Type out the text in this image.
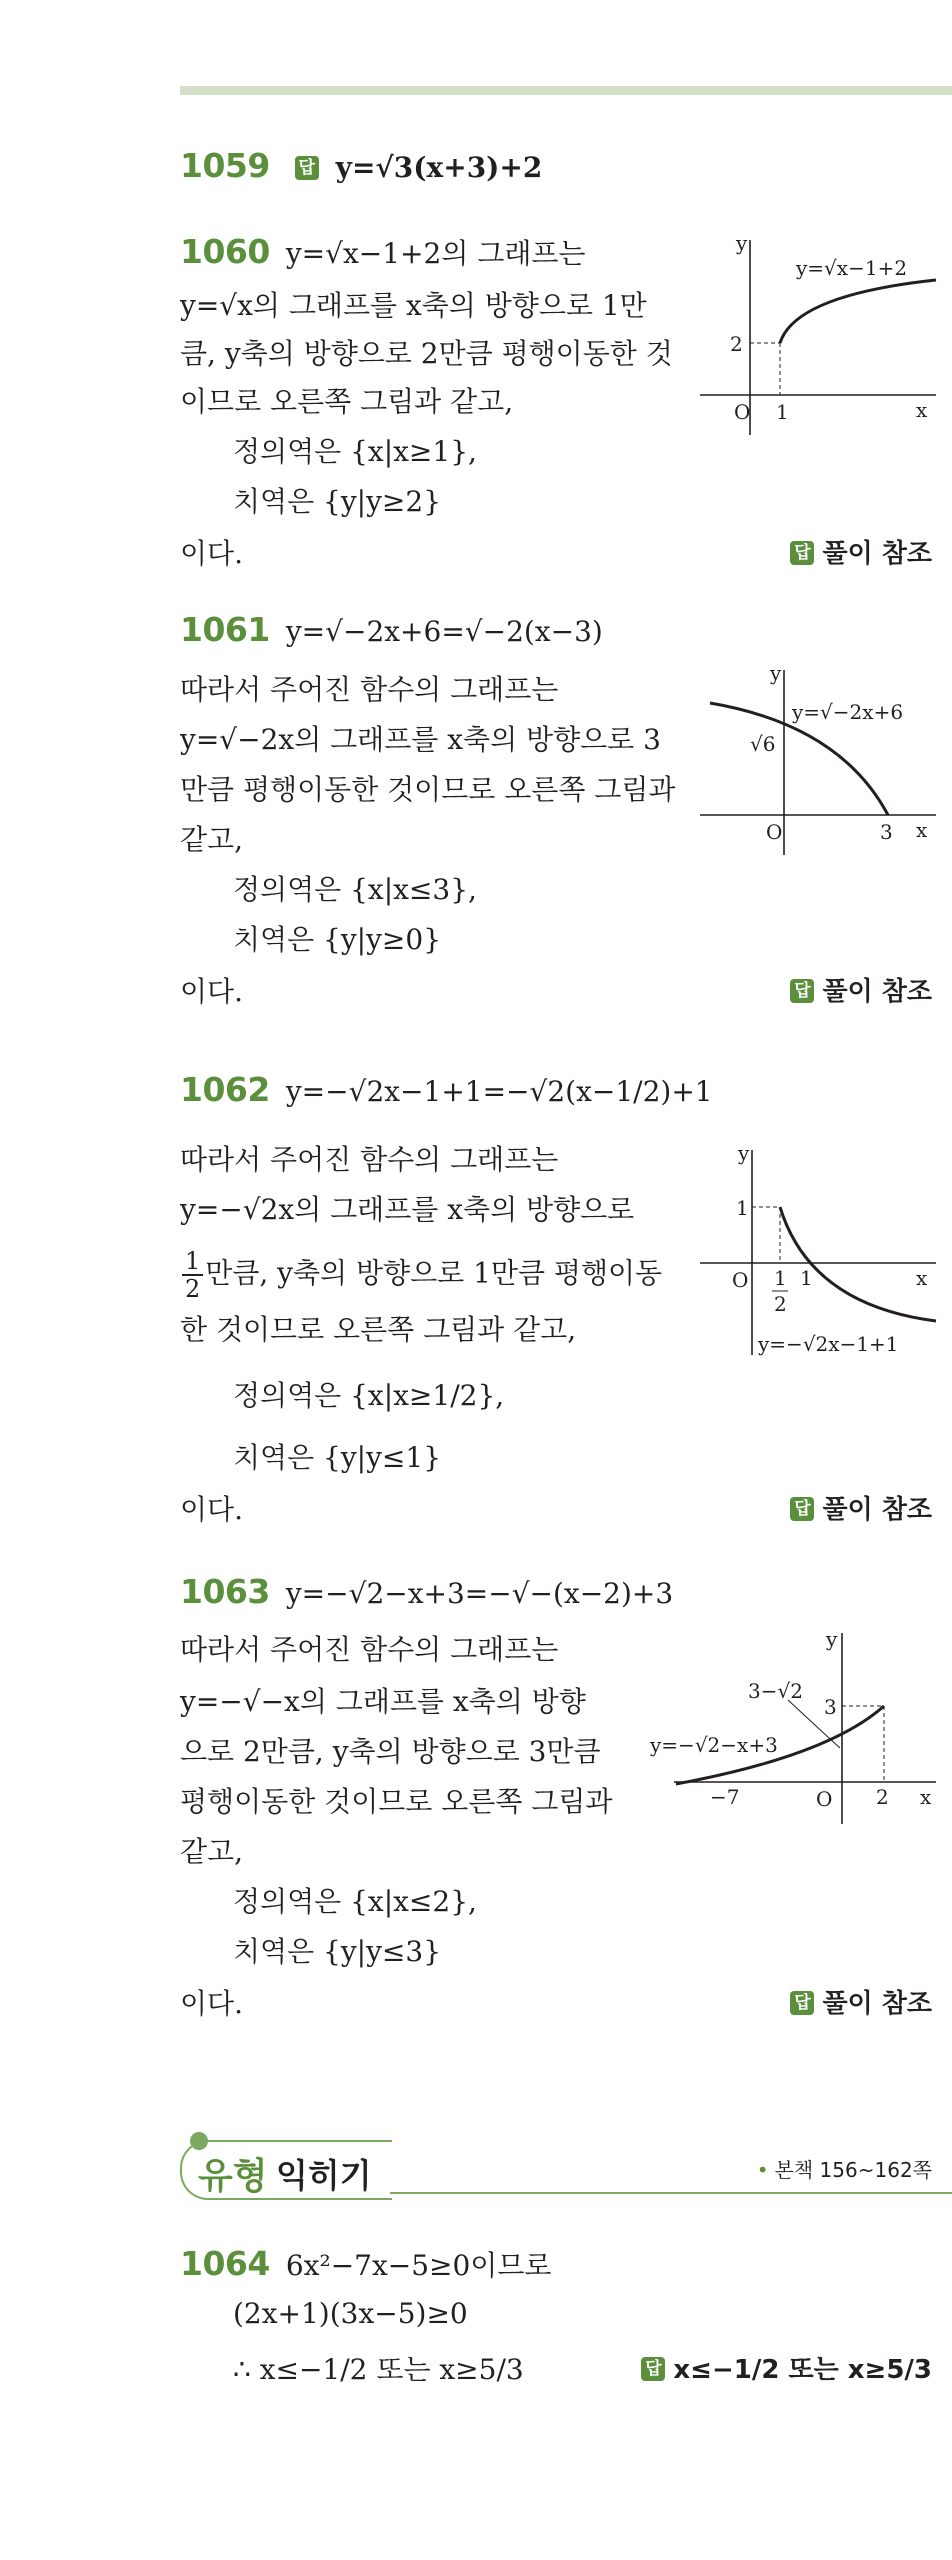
1059 답 y=√3(x+3)+2
1060 y=√x−1+2의 그래프는
y=√x의 그래프를 x축의 방향으로 1만
큼, y축의 방향으로 2만큼 평행이동한 것
이므로 오른쪽 그림과 같고,
정의역은 {x|x≥1},
치역은 {y|y≥2}
이다.	답 풀이 참조
y
x
O
2
1
y=√x−1+2
1061 y=√−2x+6=√−2(x−3)
따라서 주어진 함수의 그래프는
y=√−2x의 그래프를 x축의 방향으로 3
만큼 평행이동한 것이므로 오른쪽 그림과
같고,
정의역은 {x|x≤3},
치역은 {y|y≥0}
이다.	답 풀이 참조
y
x
O
√6
3
y=√−2x+6
1062 y=−√2x−1+1=−√2(x−1/2)+1
따라서 주어진 함수의 그래프는
y=−√2x의 그래프를 x축의 방향으로
$\frac{1}{2}$ 만큼, y축의 방향으로 1만큼 평행이동
한 것이므로 오른쪽 그림과 같고,
정의역은 {x|x≥1/2},
치역은 {y|y≤1}
이다.	답 풀이 참조
y
x
O
1
1
2
1
y=−√2x−1+1
1063 y=−√2−x+3=−√−(x−2)+3
따라서 주어진 함수의 그래프는
y=−√−x의 그래프를 x축의 방향
으로 2만큼, y축의 방향으로 3만큼
평행이동한 것이므로 오른쪽 그림과
같고,
정의역은 {x|x≤2},
치역은 {y|y≤3}
이다.	답 풀이 참조
y
x
O
3
3−√2
−7	2
y=−√2−x+3
유형 익히기
•	본책 156~162쪽
1064 6x²−7x−5≥0이므로
(2x+1)(3x−5)≥0
∴ x≤−1/2 또는 x≥5/3	답 x≤−1/2 또는 x≥5/3
